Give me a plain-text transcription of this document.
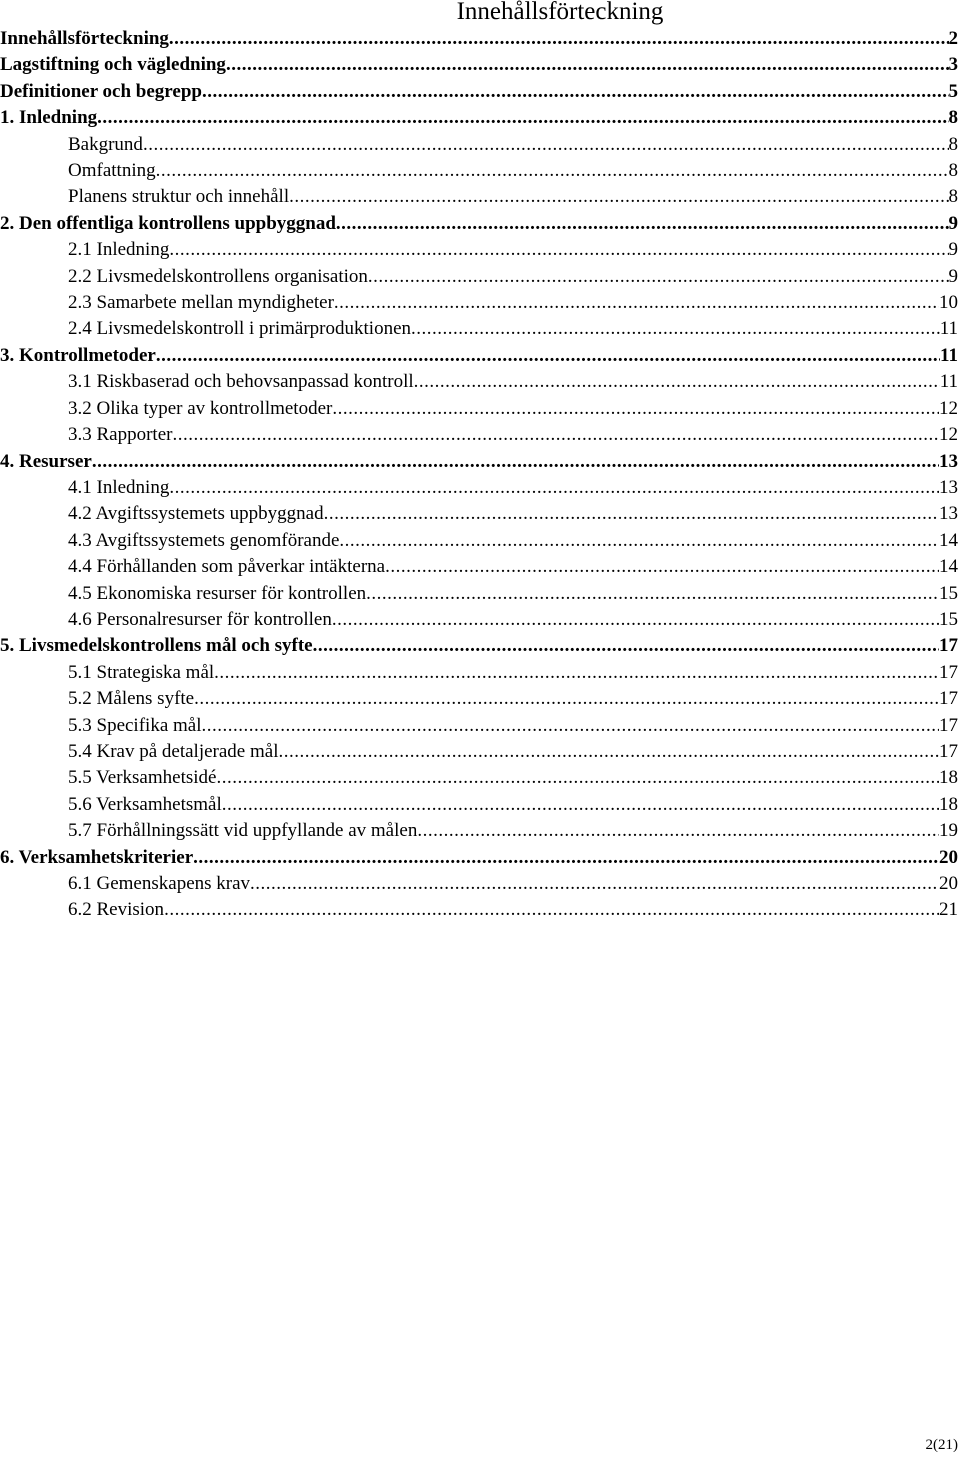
Innehållsförteckning
Innehållsförteckning .....	2
Lagstiftning och vägledning .....	3
Definitioner och begrepp .....	5
1. Inledning .....	8
Bakgrund .....	8
Omfattning .....	8
Planens struktur och innehåll .....	8
2. Den offentliga kontrollens uppbyggnad .....	9
2.1 Inledning .....	9
2.2 Livsmedelskontrollens organisation .....	9
2.3 Samarbete mellan myndigheter .....	10
2.4 Livsmedelskontroll i primärproduktionen .....	11
3. Kontrollmetoder .....	11
3.1 Riskbaserad och behovsanpassad kontroll .....	11
3.2 Olika typer av kontrollmetoder .....	12
3.3 Rapporter .....	12
4. Resurser .....	13
4.1 Inledning .....	13
4.2 Avgiftssystemets uppbyggnad .....	13
4.3 Avgiftssystemets genomförande .....	14
4.4 Förhållanden som påverkar intäkterna .....	14
4.5 Ekonomiska resurser för kontrollen .....	15
4.6 Personalresurser för kontrollen .....	15
5. Livsmedelskontrollens mål och syfte .....	17
5.1 Strategiska mål .....	17
5.2 Målens syfte .....	17
5.3 Specifika mål .....	17
5.4 Krav på detaljerade mål .....	17
5.5 Verksamhetsidé .....	18
5.6 Verksamhetsmål .....	18
5.7 Förhållningssätt vid uppfyllande av målen .....	19
6. Verksamhetskriterier .....	20
6.1 Gemenskapens krav .....	20
6.2 Revision .....	21
2(21)
